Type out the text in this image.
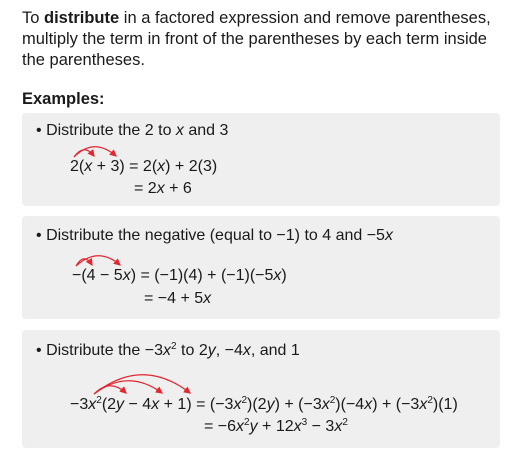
To distribute in a factored expression and remove parentheses, multiply the term in front of the parentheses by each term inside the parentheses.
Examples:
• Distribute the 2 to x and 3
2(x + 3) = 2(x) + 2(3)
= 2x + 6
• Distribute the negative (equal to −1) to 4 and −5x
−(4 − 5x) = (−1)(4) + (−1)(−5x)
= −4 + 5x
• Distribute the $-3x^2$ to 2y, −4x, and 1
$-3x^2(2y - 4x + 1) = (-3x^2)(2y) + (-3x^2)(-4x) + (-3x^2)(1)$
= $-6x^2y + 12x^3 - 3x^2$
